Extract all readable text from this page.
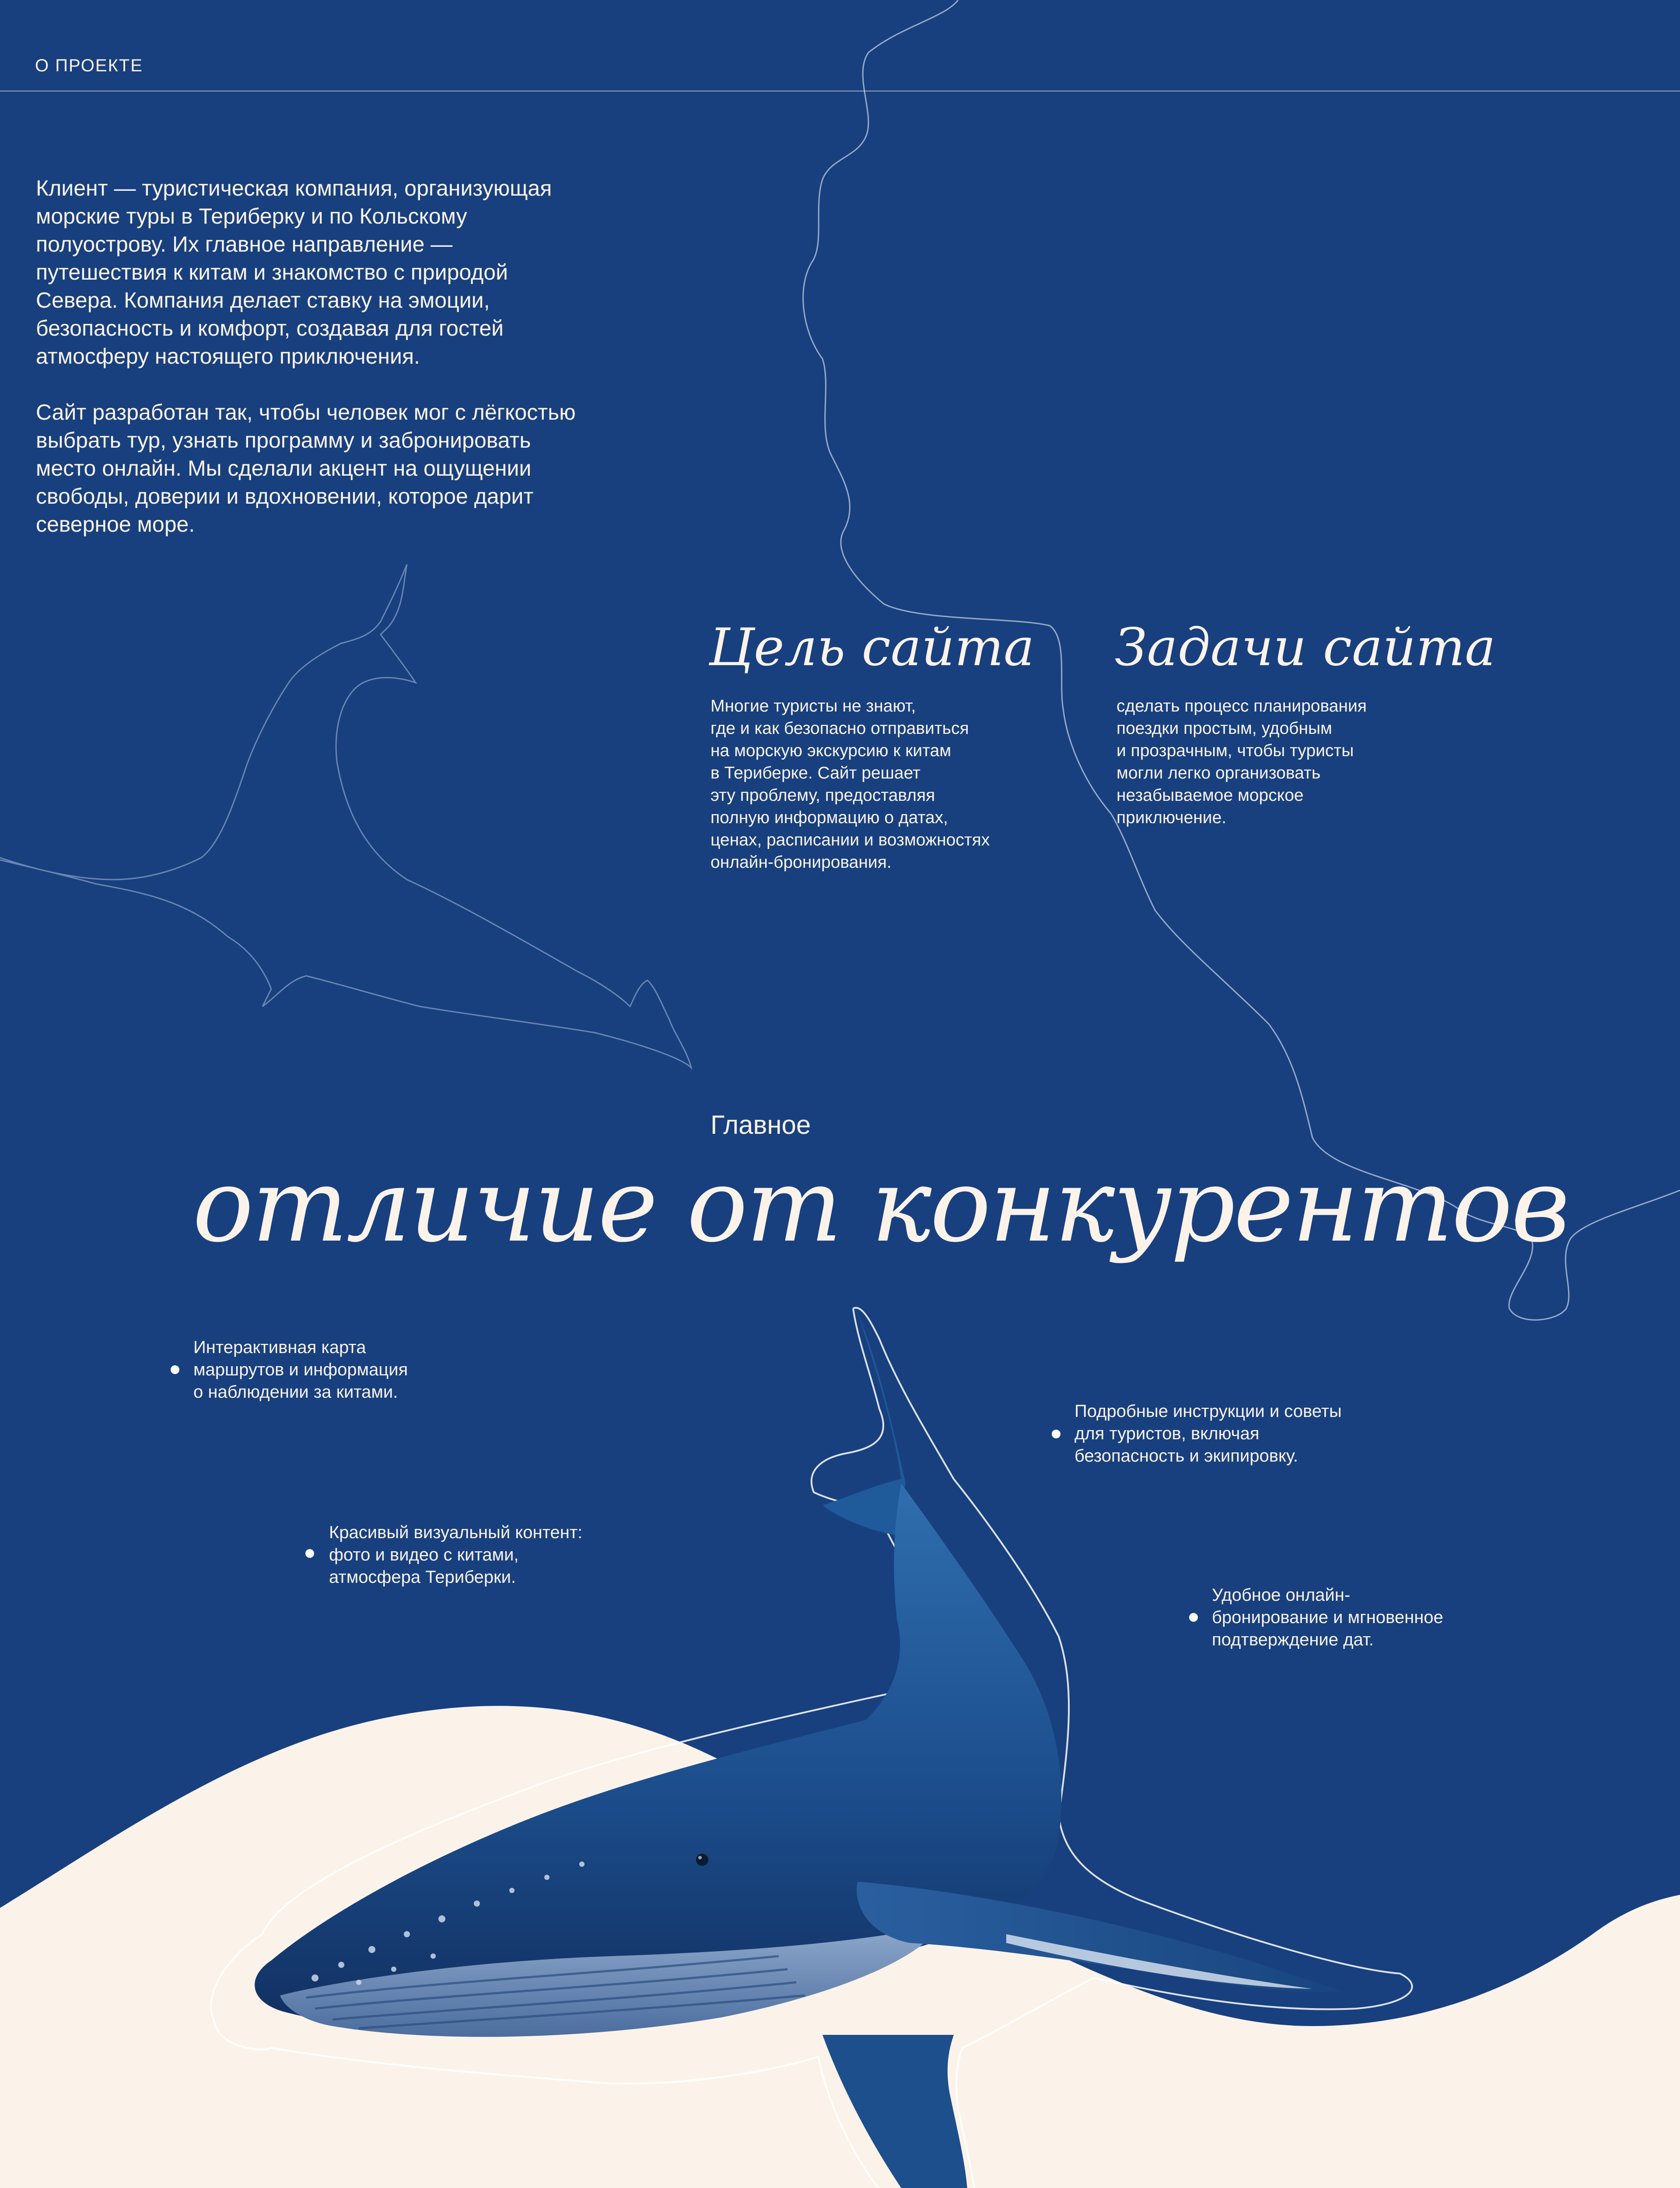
О ПРОЕКТЕ
Клиент — туристическая компания, организующая
морские туры в Териберку и по Кольскому
полуострову. Их главное направление —
путешествия к китам и знакомство с природой
Севера. Компания делает ставку на эмоции,
безопасность и комфорт, создавая для гостей
атмосферу настоящего приключения.
Сайт разработан так, чтобы человек мог с лёгкостью
выбрать тур, узнать программу и забронировать
место онлайн. Мы сделали акцент на ощущении
свободы, доверии и вдохновении, которое дарит
северное море.
Цель сайта
Многие туристы не знают,
где и как безопасно отправиться
на морскую экскурсию к китам
в Териберке. Сайт решает
эту проблему, предоставляя
полную информацию о датах,
ценах, расписании и возможностях
онлайн-бронирования.
Задачи сайта
сделать процесс планирования
поездки простым, удобным
и прозрачным, чтобы туристы
могли легко организовать
незабываемое морское
приключение.
Главное
отличие от конкурентов
Интерактивная карта
маршрутов и информация
о наблюдении за китами.
Подробные инструкции и советы
для туристов, включая
безопасность и экипировку.
Красивый визуальный контент:
фото и видео с китами,
атмосфера Териберки.
Удобное онлайн-
бронирование и мгновенное
подтверждение дат.
